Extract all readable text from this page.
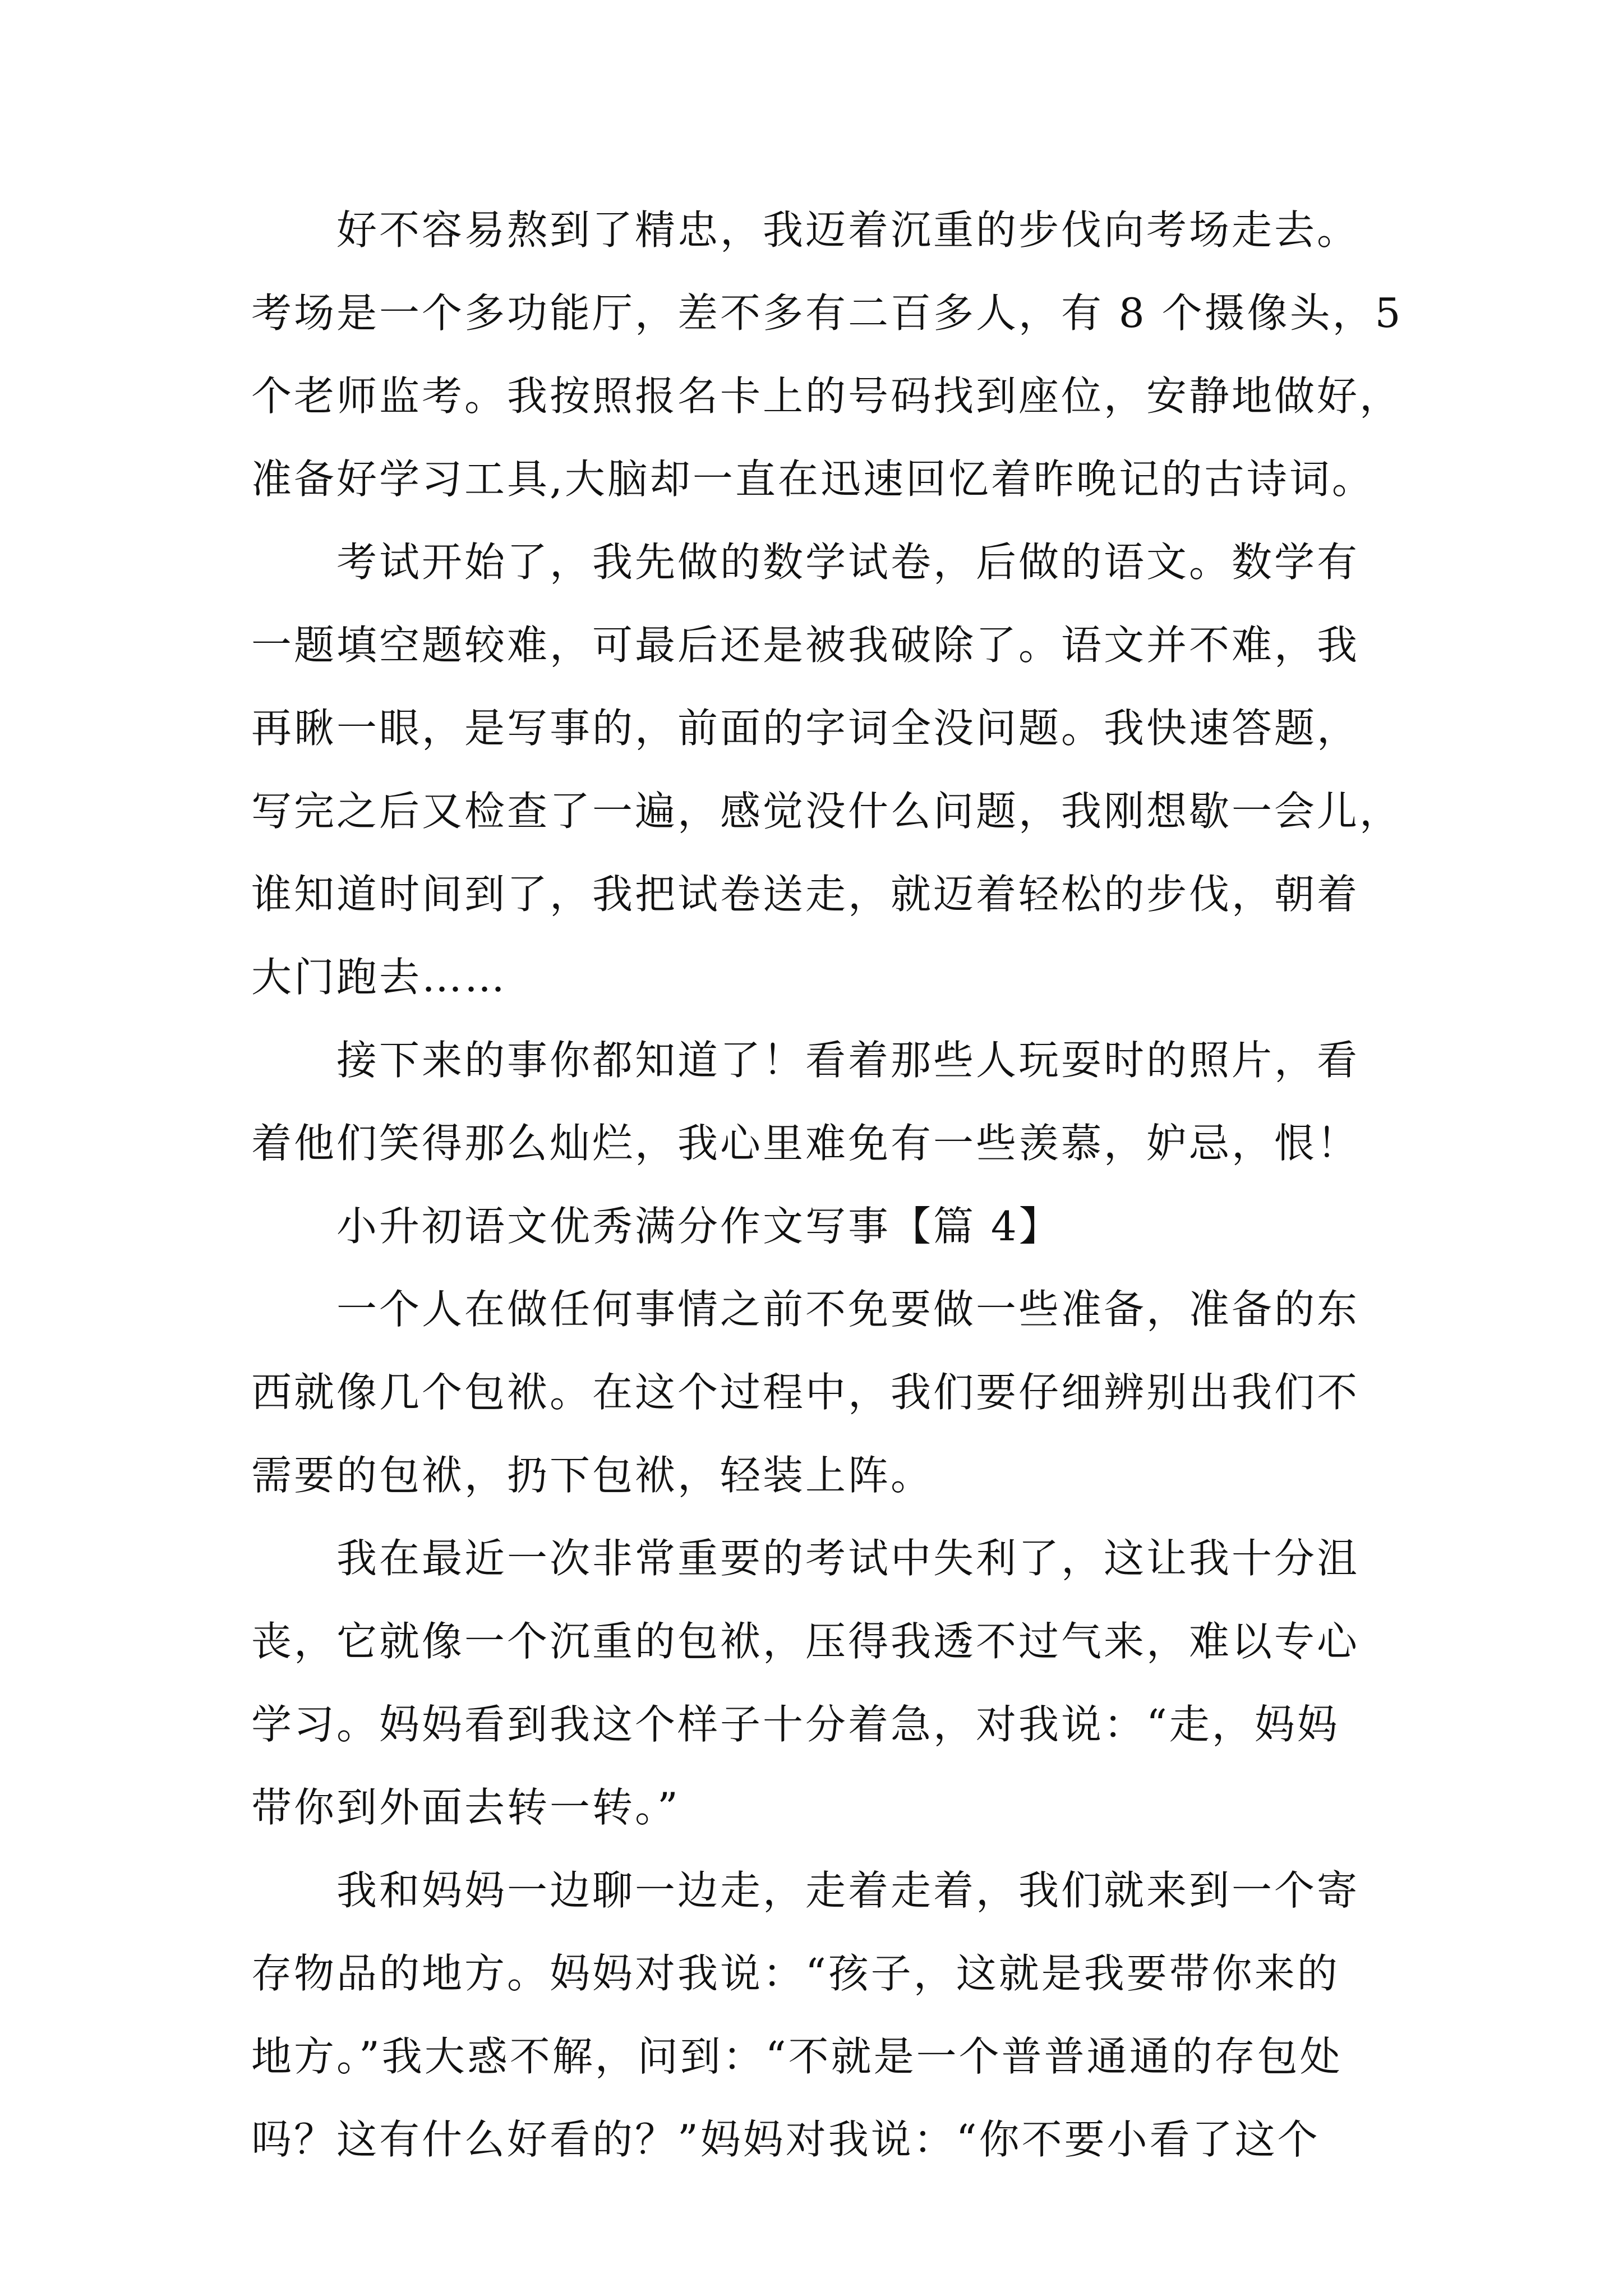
好不容易熬到了精忠，我迈着沉重的步伐向考场走去。
考场是一个多功能厅，差不多有二百多人，有 8 个摄像头，5
个老师监考。我按照报名卡上的号码找到座位，安静地做好，
准备好学习工具,大脑却一直在迅速回忆着昨晚记的古诗词。
考试开始了，我先做的数学试卷，后做的语文。数学有
一题填空题较难，可最后还是被我破除了。语文并不难，我
再瞅一眼，是写事的，前面的字词全没问题。我快速答题，
写完之后又检查了一遍，感觉没什么问题，我刚想歇一会儿，
谁知道时间到了，我把试卷送走，就迈着轻松的步伐，朝着
大门跑去……
接下来的事你都知道了！看着那些人玩耍时的照片，看
着他们笑得那么灿烂，我心里难免有一些羡慕，妒忌，恨！
小升初语文优秀满分作文写事【篇 4】
一个人在做任何事情之前不免要做一些准备，准备的东
西就像几个包袱。在这个过程中，我们要仔细辨别出我们不
需要的包袱，扔下包袱，轻装上阵。
我在最近一次非常重要的考试中失利了，这让我十分沮
丧，它就像一个沉重的包袱，压得我透不过气来，难以专心
学习。妈妈看到我这个样子十分着急，对我说：“走，妈妈
带你到外面去转一转。”
我和妈妈一边聊一边走，走着走着，我们就来到一个寄
存物品的地方。妈妈对我说：“孩子，这就是我要带你来的
地方。”我大惑不解，问到：“不就是一个普普通通的存包处
吗？这有什么好看的？”妈妈对我说：“你不要小看了这个
